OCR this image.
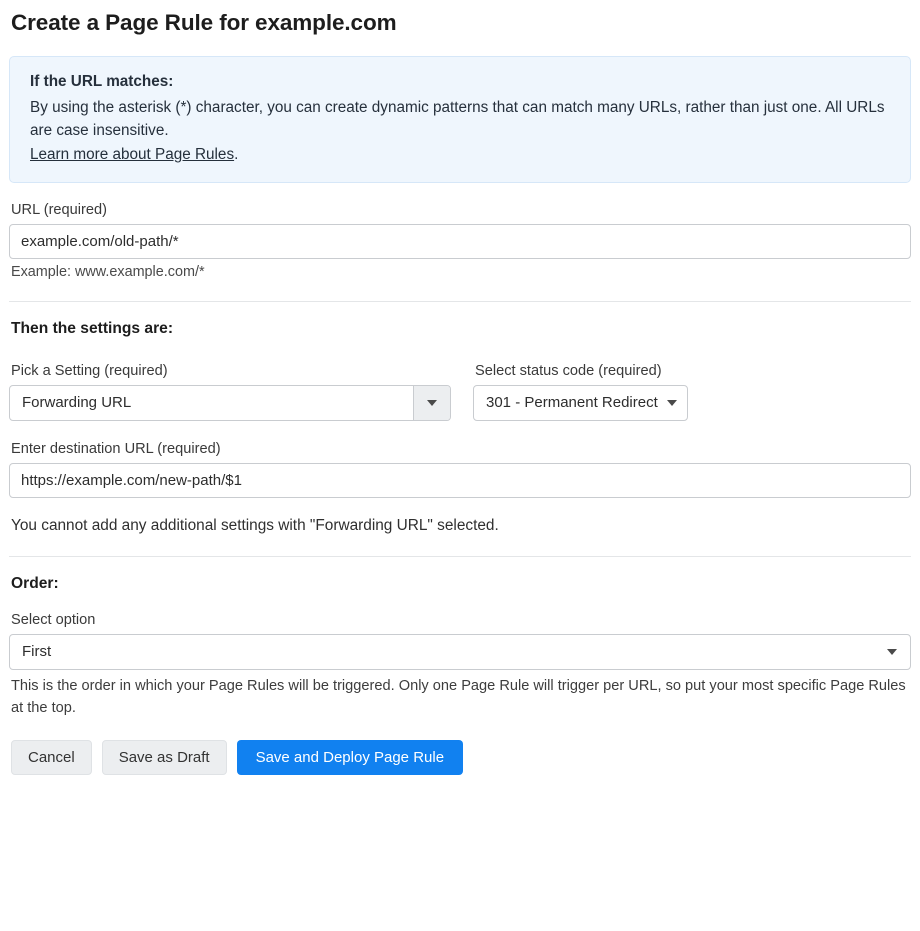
Create a Page Rule for example.com
If the URL matches:

By using the asterisk (*) character, you can create dynamic patterns that can match many URLs, rather than just one. All URLs are case insensitive.

Learn more about Page Rules.

URL (required)
example.com/old-path/*
Example: www.example.com/*
Then the settings are:
Pick a Setting (required)
Forwarding URL
Select status code (required)
301 - Permanent Redirect
Enter destination URL (required)
https://example.com/new-path/$1
You cannot add any additional settings with "Forwarding URL" selected.
Order:
Select option
First
This is the order in which your Page Rules will be triggered. Only one Page Rule will trigger per URL, so put your most specific Page Rules at the top.
Cancel	Save as Draft	Save and Deploy Page Rule
